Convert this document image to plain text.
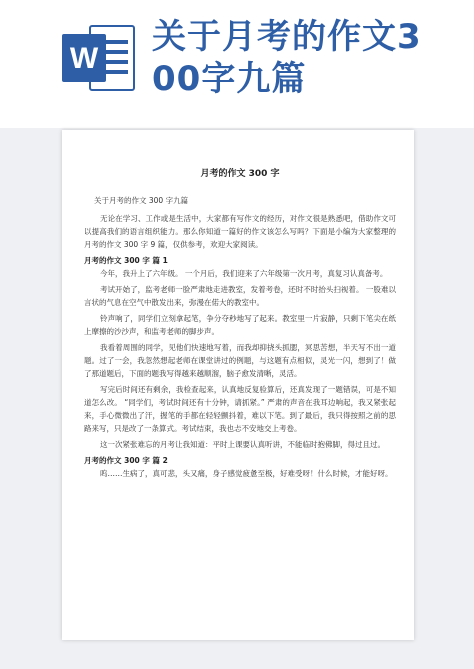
W
关于月考的作文3
00字九篇
月考的作文 300 字
关于月考的作文 300 字九篇

无论在学习、工作或是生活中，大家都有写作文的经历，对作文很是熟悉吧，借助作文可以提高我们的语言组织能力。那么你知道一篇好的作文该怎么写吗？下面是小编为大家整理的月考的作文 300 字 9 篇，仅供参考，欢迎大家阅读。

月考的作文 300 字 篇 1

今年，我升上了六年级。 一个月后，我们迎来了六年级第一次月考，真复习认真备考。

考试开始了，监考老师一脸严肃地走进教室，发着考卷，还时不时抬头扫视着。 一股难以言状的气息在空气中散发出来，弥漫在偌大的教室中。

铃声响了，同学们立刻拿起笔，争分夺秒地写了起来。教室里一片寂静，只剩下笔尖在纸上摩擦的沙沙声，和监考老师的脚步声。

我看着周围的同学，见他们快速地写着，而我却抑挠头抓腮，冥思苦想，半天写不出一道题。过了一会，我忽然想起老师在课堂讲过的例题，与这题有点相似，灵光一闪，想到了！做了那道题后，下面的题我写得越来越顺溜，脑子愈发清晰，灵活。

写完后时间还有剩余，我检查起来，认真地反复验算后，还真发现了一题错误，可是不知道怎么改。 “同学们，考试时间还有十分钟，请抓紧。” 严肃的声音在我耳边响起，我又紧张起来，手心微微出了汗，握笔的手都在轻轻颤抖着，难以下笔。到了最后，我只得按照之前的思路来写，只是改了一条算式。考试结束，我也忐不安地交上考卷。

这一次紧张难忘的月考让我知道：平时上课要认真听讲，不能临时抱佛脚，得过且过。

月考的作文 300 字 篇 2

呜……生病了，真可悲，头又痛，身子感觉疲惫至极，好难受呀！什么时候，才能好呀。
